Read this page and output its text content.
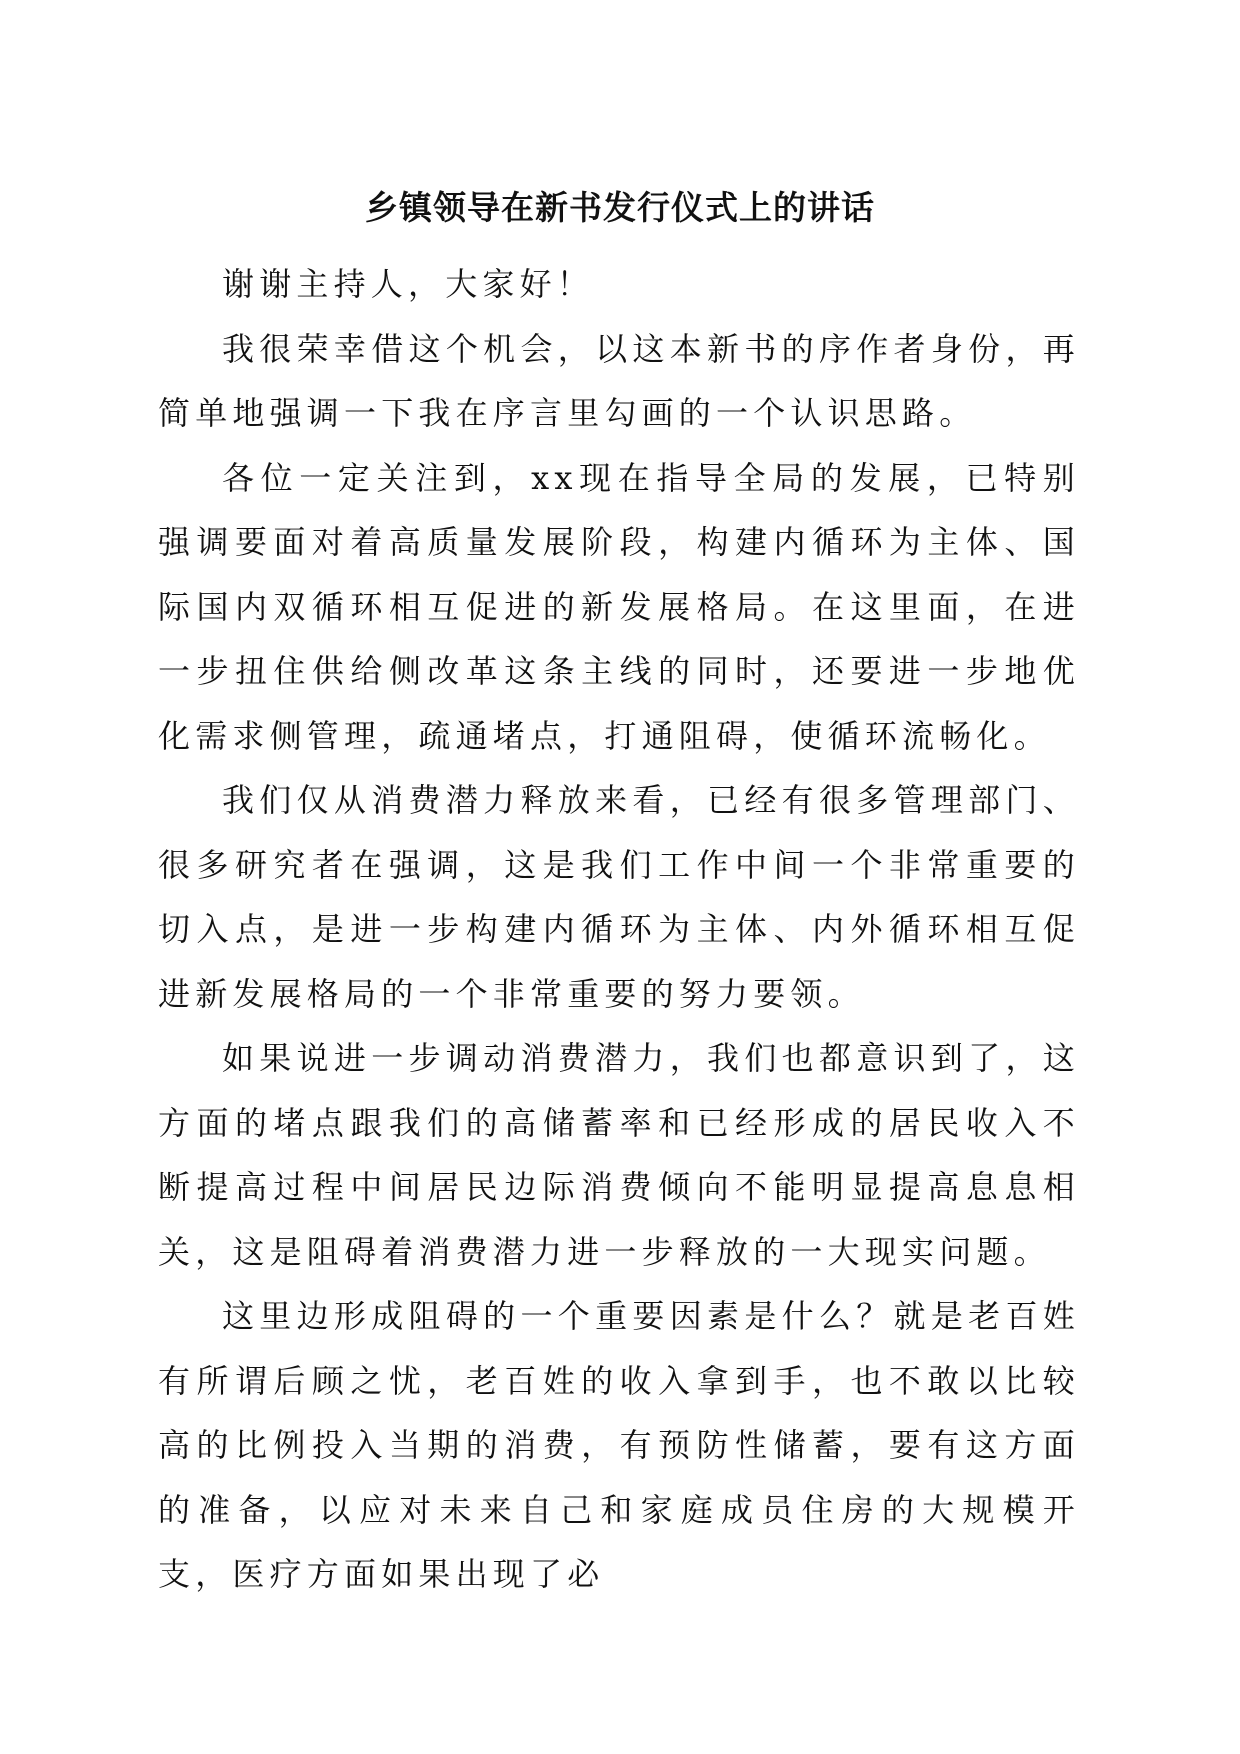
乡镇领导在新书发行仪式上的讲话

谢谢主持人，大家好！

我很荣幸借这个机会，以这本新书的序作者身份，再简单地强调一下我在序言里勾画的一个认识思路。

各位一定关注到，xx现在指导全局的发展，已特别强调要面对着高质量发展阶段，构建内循环为主体、国际国内双循环相互促进的新发展格局。在这里面，在进一步扭住供给侧改革这条主线的同时，还要进一步地优化需求侧管理，疏通堵点，打通阻碍，使循环流畅化。

我们仅从消费潜力释放来看，已经有很多管理部门、很多研究者在强调，这是我们工作中间一个非常重要的切入点，是进一步构建内循环为主体、内外循环相互促进新发展格局的一个非常重要的努力要领。

如果说进一步调动消费潜力，我们也都意识到了，这方面的堵点跟我们的高储蓄率和已经形成的居民收入不断提高过程中间居民边际消费倾向不能明显提高息息相关，这是阻碍着消费潜力进一步释放的一大现实问题。

这里边形成阻碍的一个重要因素是什么？就是老百姓有所谓后顾之忧，老百姓的收入拿到手，也不敢以比较高的比例投入当期的消费，有预防性储蓄，要有这方面的准备，以应对未来自己和家庭成员住房的大规模开支，医疗方面如果出现了必
